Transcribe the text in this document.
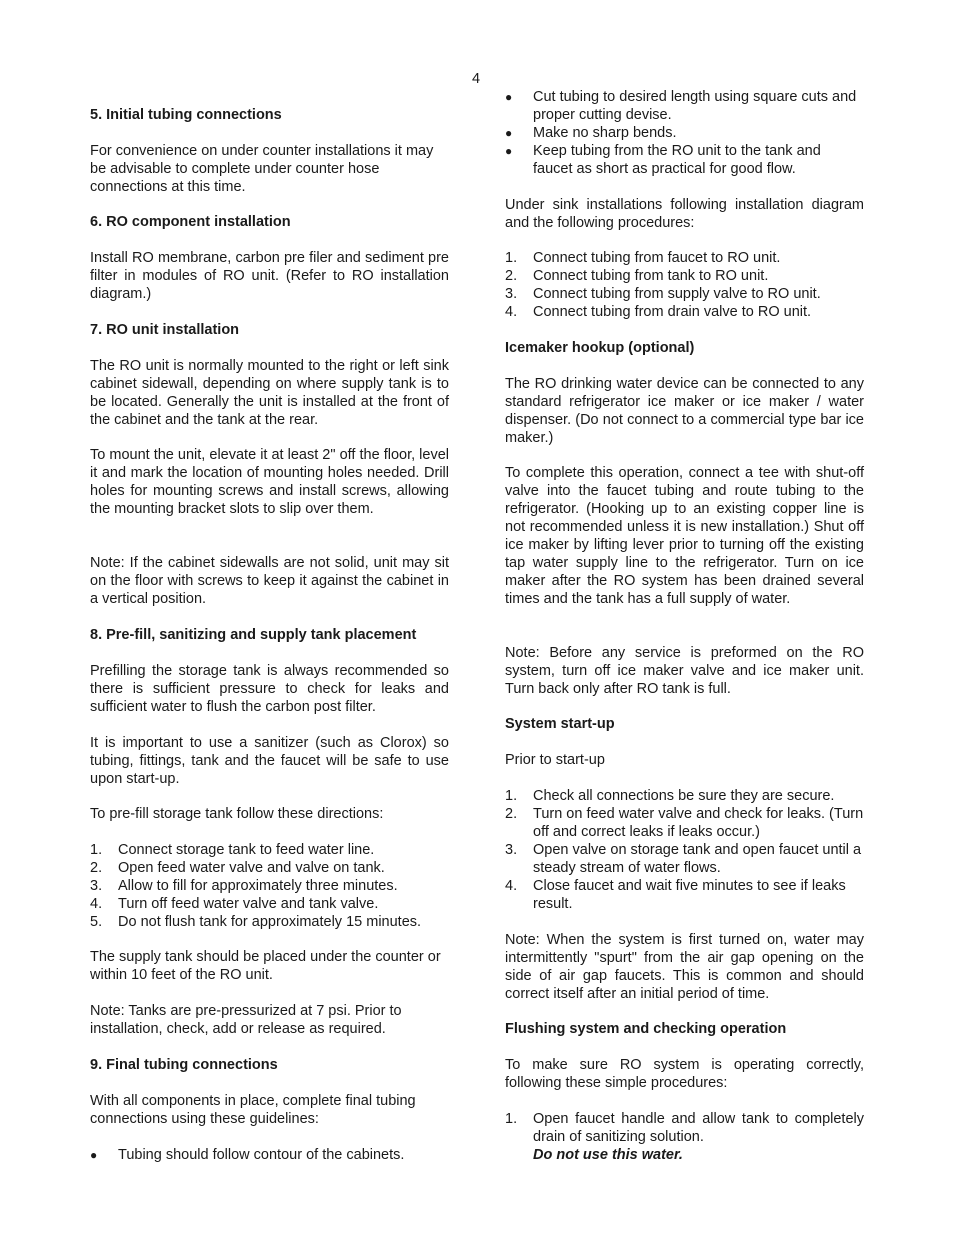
4
5. Initial tubing connections
For convenience on under counter installations it may be advisable to complete under counter hose connections at this time.
6. RO component installation
Install RO membrane, carbon pre filer and sediment pre filter in modules of RO unit. (Refer to RO installation diagram.)
7. RO unit installation
The RO unit is normally mounted to the right or left sink cabinet sidewall, depending on where supply tank is to be located. Generally the unit is installed at the front of the cabinet and the tank at the rear.
To mount the unit, elevate it at least 2" off the floor, level it and mark the location of mounting holes needed. Drill holes for mounting screws and install screws, allowing the mounting bracket slots to slip over them.
Note: If the cabinet sidewalls are not solid, unit may sit on the floor with screws to keep it against the cabinet in a vertical position.
8. Pre-fill, sanitizing and supply tank placement
Prefilling the storage tank is always recommended so there is sufficient pressure to check for leaks and sufficient water to flush the carbon post filter.
It is important to use a sanitizer (such as Clorox) so tubing, fittings, tank and the faucet will be safe to use upon start-up.
To pre-fill storage tank follow these directions:
1. Connect storage tank to feed water line.
2. Open feed water valve and valve on tank.
3. Allow to fill for approximately three minutes.
4. Turn off feed water valve and tank valve.
5. Do not flush tank for approximately 15 minutes.
The supply tank should be placed under the counter or within 10 feet of the RO unit.
Note: Tanks are pre-pressurized at 7 psi. Prior to installation, check, add or release as required.
9. Final tubing connections
With all components in place, complete final tubing connections using these guidelines:
● Tubing should follow contour of the cabinets.
● Cut tubing to desired length using square cuts and proper cutting devise.
● Make no sharp bends.
● Keep tubing from the RO unit to the tank and faucet as short as practical for good flow.
Under sink installations following installation diagram and the following procedures:
1. Connect tubing from faucet to RO unit.
2. Connect tubing from tank to RO unit.
3. Connect tubing from supply valve to RO unit.
4. Connect tubing from drain valve to RO unit.
Icemaker hookup (optional)
The RO drinking water device can be connected to any standard refrigerator ice maker or ice maker / water dispenser. (Do not connect to a commercial type bar ice maker.)
To complete this operation, connect a tee with shut-off valve into the faucet tubing and route tubing to the refrigerator. (Hooking up to an existing copper line is not recommended unless it is new installation.) Shut off ice maker by lifting lever prior to turning off the existing tap water supply line to the refrigerator. Turn on ice maker after the RO system has been drained several times and the tank has a full supply of water.
Note: Before any service is preformed on the RO system, turn off ice maker valve and ice maker unit. Turn back only after RO tank is full.
System start-up
Prior to start-up
1. Check all connections be sure they are secure.
2. Turn on feed water valve and check for leaks. (Turn off and correct leaks if leaks occur.)
3. Open valve on storage tank and open faucet until a steady stream of water flows.
4. Close faucet and wait five minutes to see if leaks result.
Note: When the system is first turned on, water may intermittently "spurt" from the air gap opening on the side of air gap faucets. This is common and should correct itself after an initial period of time.
Flushing system and checking operation
To make sure RO system is operating correctly, following these simple procedures:
1. Open faucet handle and allow tank to completely drain of sanitizing solution.
Do not use this water.
